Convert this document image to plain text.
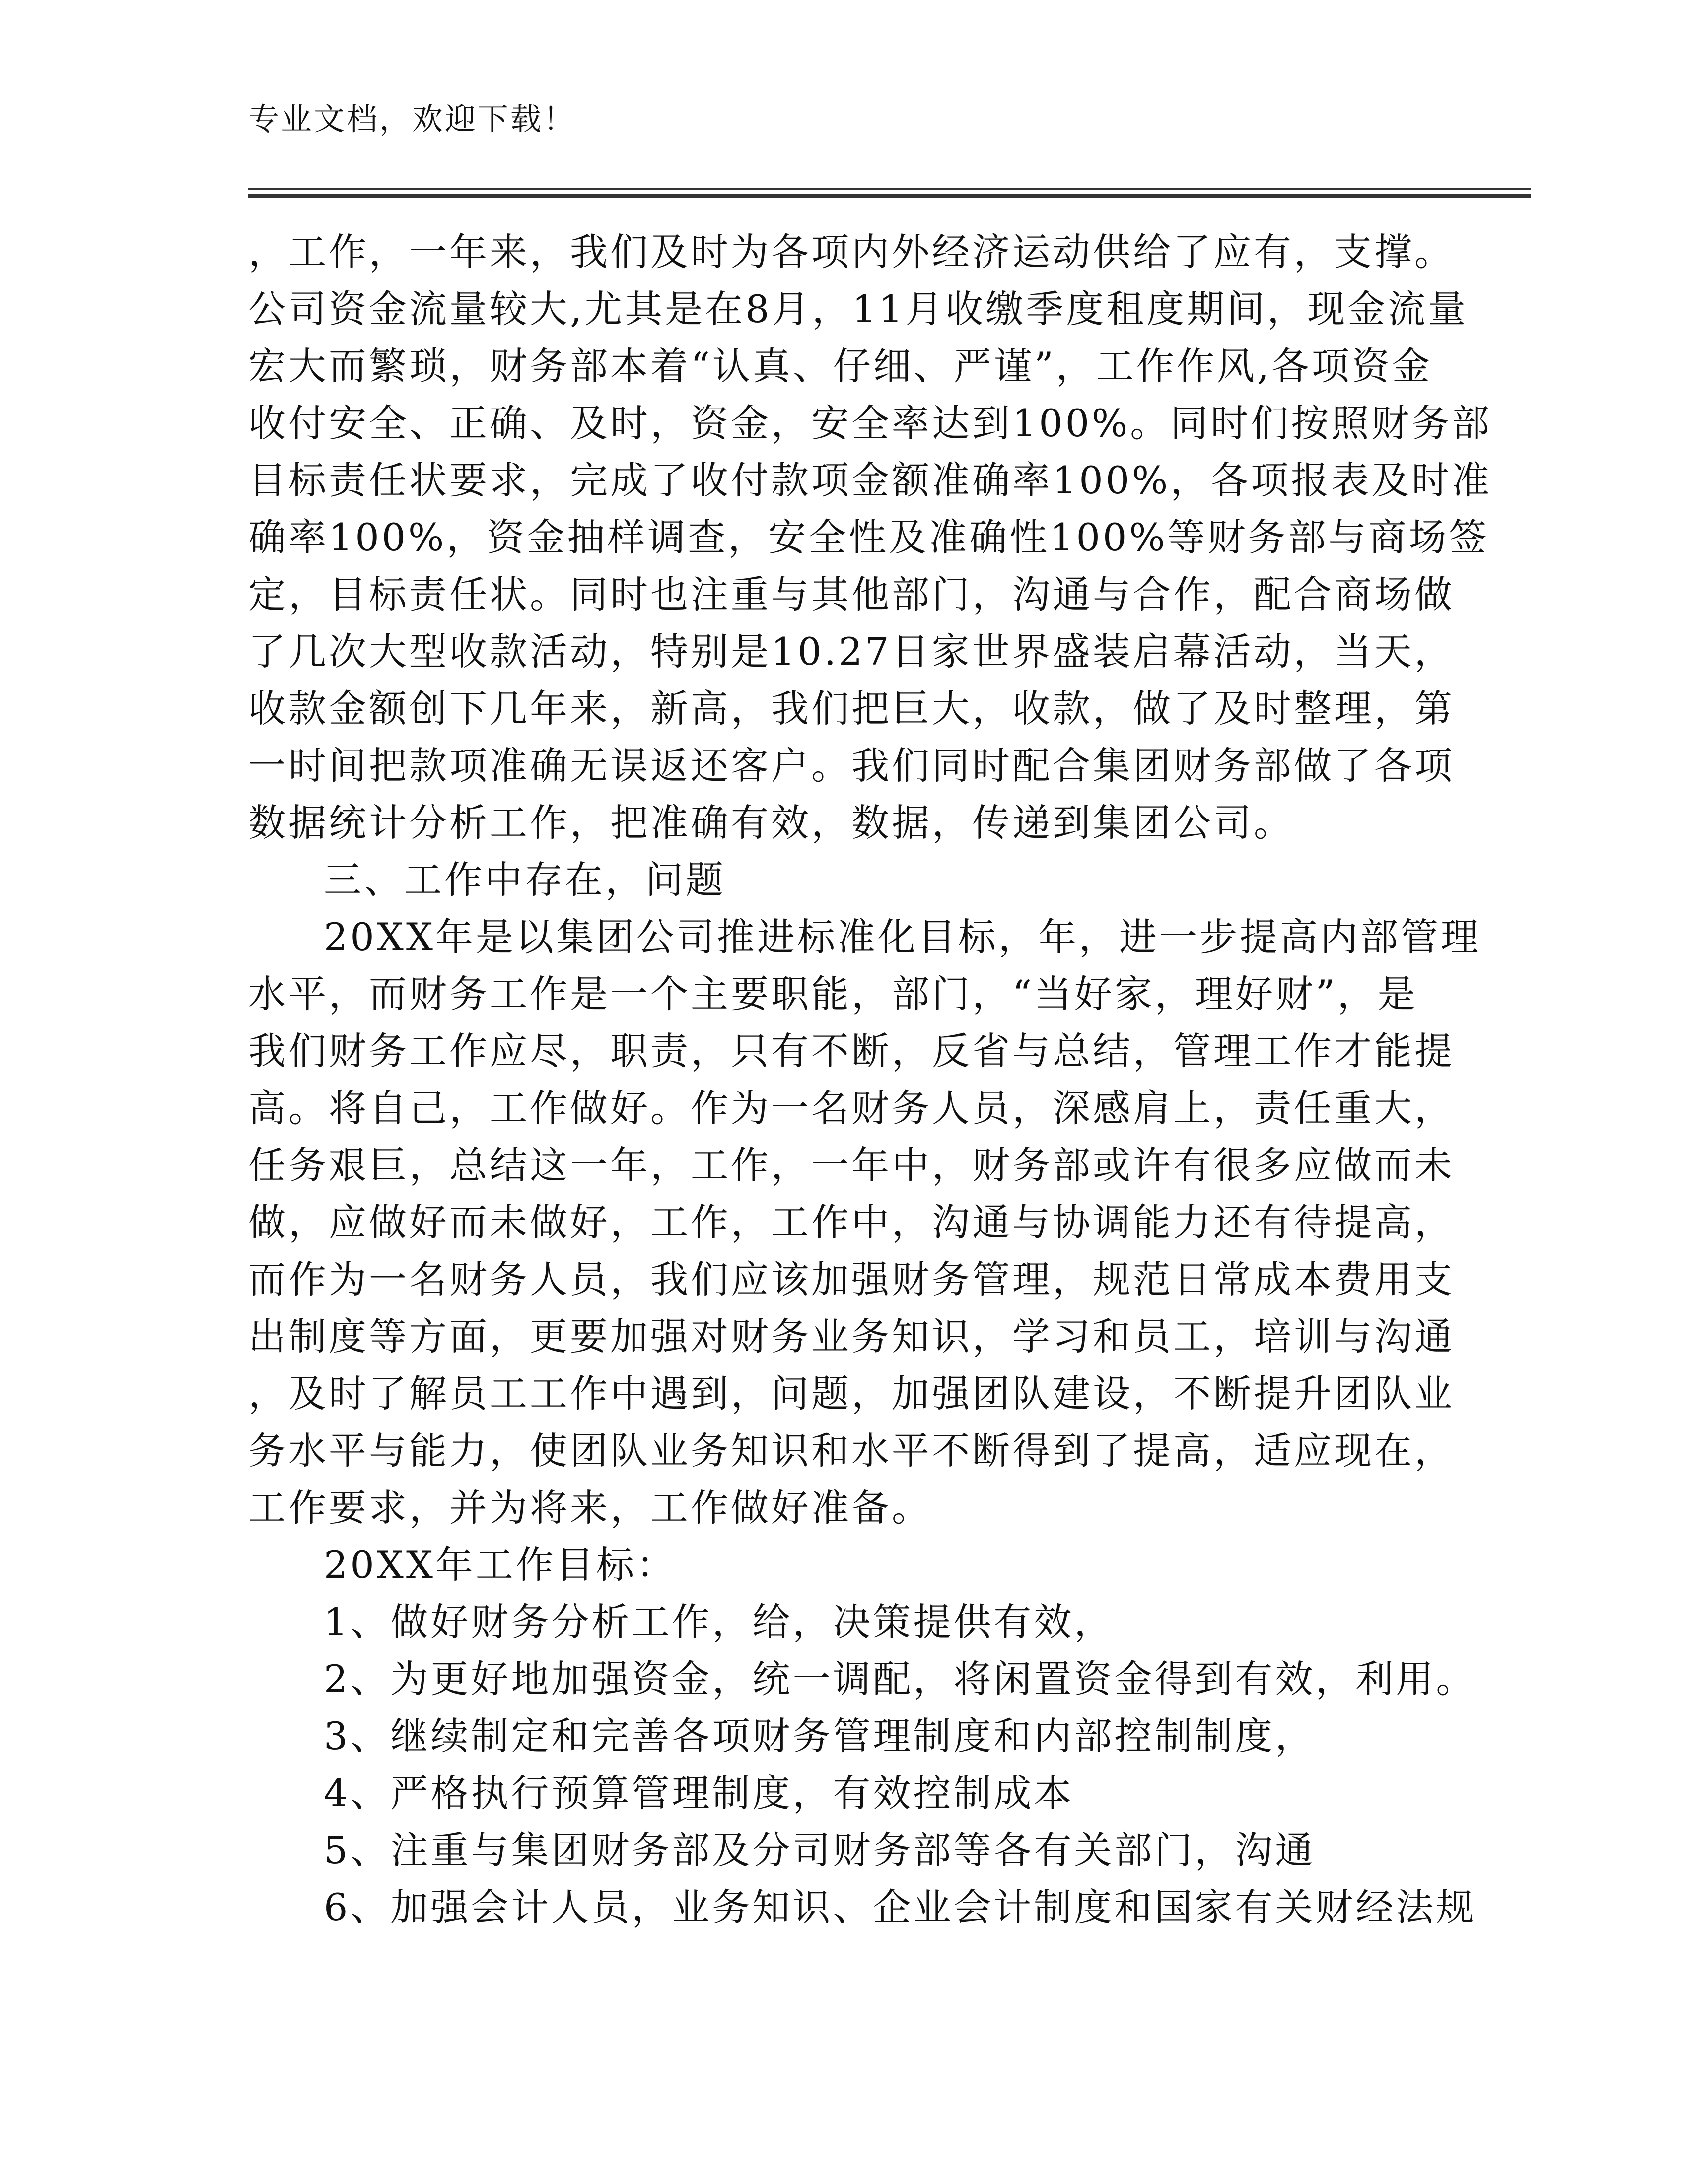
专业文档，欢迎下载！
，工作，一年来，我们及时为各项内外经济运动供给了应有，支撑。
公司资金流量较大,尤其是在8月，11月收缴季度租度期间，现金流量
宏大而繁琐，财务部本着“认真、仔细、严谨”，工作作风,各项资金
收付安全、正确、及时，资金，安全率达到100%。同时们按照财务部
目标责任状要求，完成了收付款项金额准确率100%，各项报表及时准
确率100%，资金抽样调查，安全性及准确性100%等财务部与商场签
定，目标责任状。同时也注重与其他部门，沟通与合作，配合商场做
了几次大型收款活动，特别是10.27日家世界盛装启幕活动，当天，
收款金额创下几年来，新高，我们把巨大，收款，做了及时整理，第
一时间把款项准确无误返还客户。我们同时配合集团财务部做了各项
数据统计分析工作，把准确有效，数据，传递到集团公司。
三、工作中存在，问题
20XX年是以集团公司推进标准化目标，年，进一步提高内部管理
水平，而财务工作是一个主要职能，部门，“当好家，理好财”，是
我们财务工作应尽，职责，只有不断，反省与总结，管理工作才能提
高。将自己，工作做好。作为一名财务人员，深感肩上，责任重大，
任务艰巨，总结这一年，工作，一年中，财务部或许有很多应做而未
做，应做好而未做好，工作，工作中，沟通与协调能力还有待提高，
而作为一名财务人员，我们应该加强财务管理，规范日常成本费用支
出制度等方面，更要加强对财务业务知识，学习和员工，培训与沟通
，及时了解员工工作中遇到，问题，加强团队建设，不断提升团队业
务水平与能力，使团队业务知识和水平不断得到了提高，适应现在，
工作要求，并为将来，工作做好准备。
20XX年工作目标：
1、做好财务分析工作，给，决策提供有效，
2、为更好地加强资金，统一调配，将闲置资金得到有效，利用。
3、继续制定和完善各项财务管理制度和内部控制制度，
4、严格执行预算管理制度，有效控制成本
5、注重与集团财务部及分司财务部等各有关部门，沟通
6、加强会计人员，业务知识、企业会计制度和国家有关财经法规
